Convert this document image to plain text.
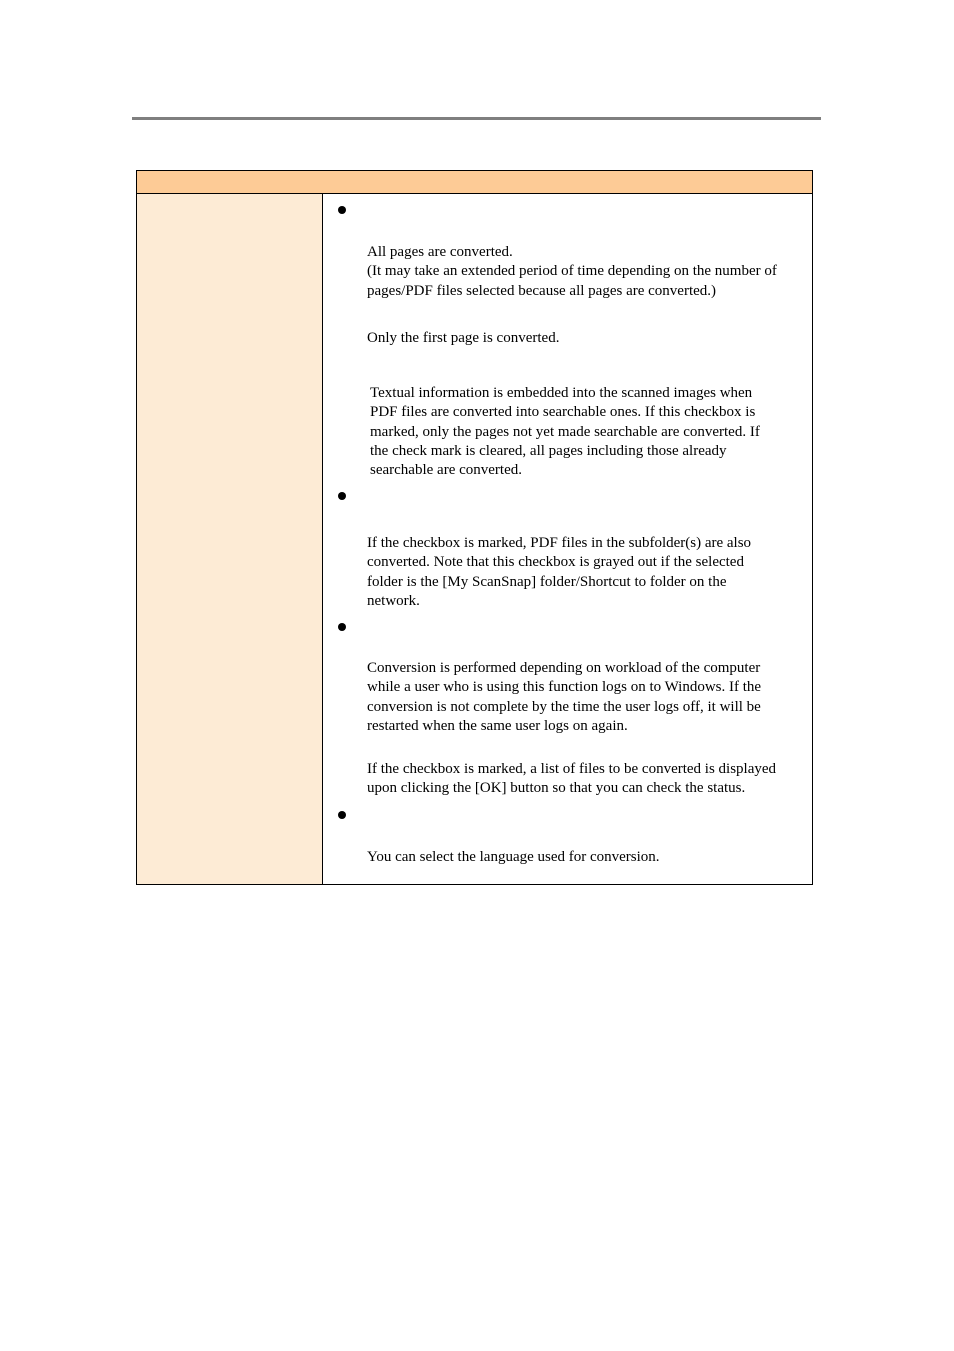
All pages are converted.
(It may take an extended period of time depending on the number of
pages/PDF files selected because all pages are converted.)
Only the first page is converted.
Textual information is embedded into the scanned images when
PDF files are converted into searchable ones. If this checkbox is
marked, only the pages not yet made searchable are converted. If
the check mark is cleared, all pages including those already
searchable are converted.
If the checkbox is marked, PDF files in the subfolder(s) are also
converted. Note that this checkbox is grayed out if the selected
folder is the [My ScanSnap] folder/Shortcut to folder on the
network.
Conversion is performed depending on workload of the computer
while a user who is using this function logs on to Windows. If the
conversion is not complete by the time the user logs off, it will be
restarted when the same user logs on again.
If the checkbox is marked, a list of files to be converted is displayed
upon clicking the [OK] button so that you can check the status.
You can select the language used for conversion.
